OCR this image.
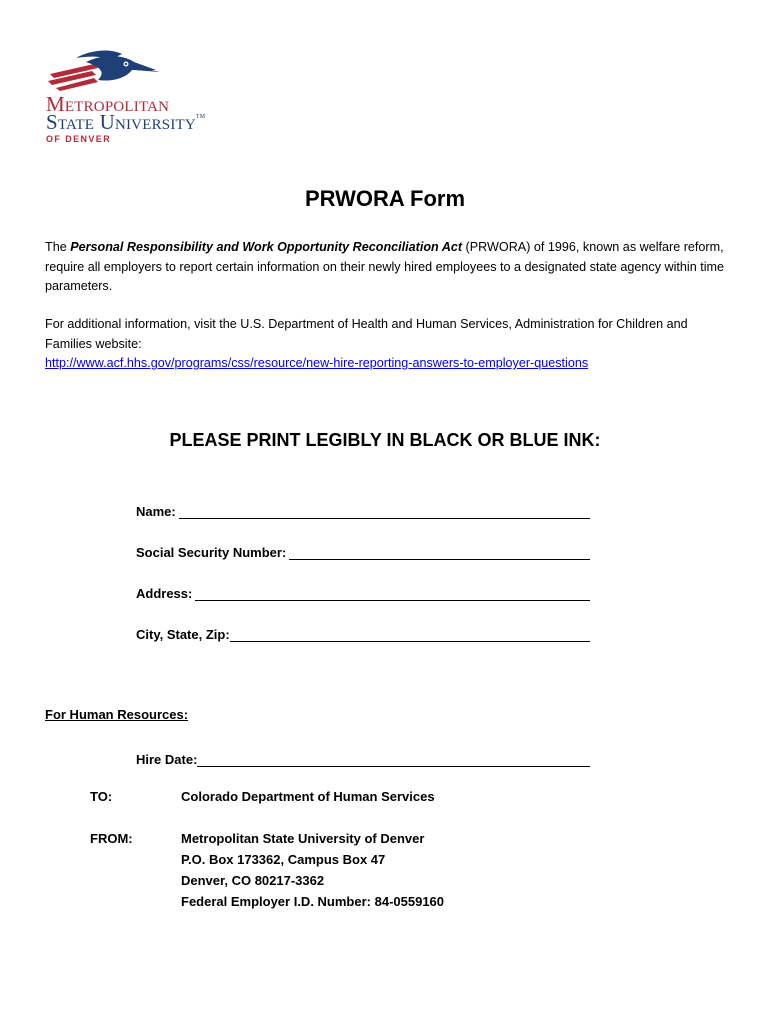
Metropolitan
State University™
OF DENVER
PRWORA Form
The Personal Responsibility and Work Opportunity Reconciliation Act (PRWORA) of 1996, known as welfare reform, require all employers to report certain information on their newly hired employees to a designated state agency within time parameters.
For additional information, visit the U.S. Department of Health and Human Services, Administration for Children and Families website:
http://www.acf.hhs.gov/programs/css/resource/new-hire-reporting-answers-to-employer-questions
PLEASE PRINT LEGIBLY IN BLACK OR BLUE INK:
Name:
Social Security Number:
Address:
City, State, Zip:
For Human Resources:
Hire Date:
TO:	Colorado Department of Human Services
FROM:	Metropolitan State University of Denver
P.O. Box 173362, Campus Box 47
Denver, CO 80217-3362
Federal Employer I.D. Number: 84-0559160
